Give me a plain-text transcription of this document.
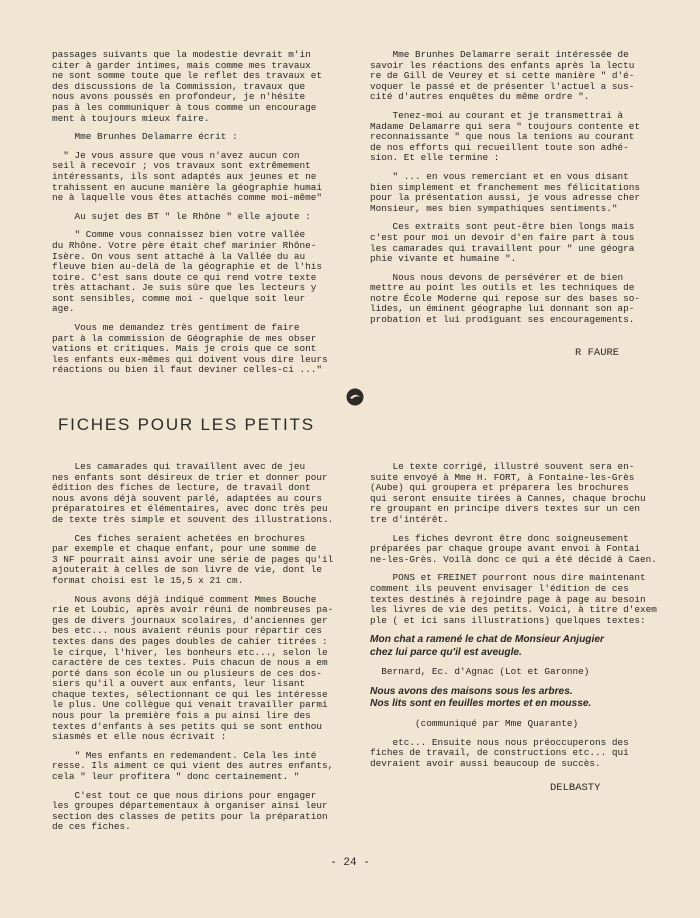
passages suivants que la modestie devrait m'in
citer à garder intimes, mais comme mes travaux
ne sont somme toute que le reflet des travaux et
des discussions de la Commission, travaux que
nous avons poussés en profondeur, je n'hésite
pas à les communiquer à tous comme un encourage
ment à toujours mieux faire.

Mme Brunhes Delamarre écrit :

" Je vous assure que vous n'avez aucun con
seil à recevoir ; vos travaux sont extrêmement
intéressants, ils sont adaptés aux jeunes et ne
trahissent en aucune manière la géographie humai
ne à laquelle vous êtes attachés comme moi-même"

Au sujet des BT " le Rhône " elle ajoute :

" Comme vous connaissez bien votre vallée
du Rhône. Votre père était chef marinier Rhône-
Isère. On vous sent attaché à la Vallée du au
fleuve bien au-delà de la géographie et de l'his
toire. C'est sans doute ce qui rend votre texte
très attachant. Je suis sûre que les lecteurs y
sont sensibles, comme moi - quelque soit leur
age.

Vous me demandez très gentiment de faire
part à la commission de Géographie de mes obser
vations et critiques. Mais je crois que ce sont
les enfants eux-mêmes qui doivent vous dire leurs
réactions ou bien il faut deviner celles-ci ..."

Mme Brunhes Delamarre serait intéressée de
savoir les réactions des enfants après la lectu
re de Gill de Veurey et si cette manière " d'é-
voquer le passé et de présenter l'actuel a sus-
cité d'autres enquêtes du même ordre ".

Tenez-moi au courant et je transmettrai à
Madame Delamarre qui sera " toujours contente et
reconnaissante " que nous la tenions au courant
de nos efforts qui recueillent toute son adhé-
sion. Et elle termine :

" ... en vous remerciant et en vous disant
bien simplement et franchement mes félicitations
pour la présentation aussi, je vous adresse cher
Monsieur, mes bien sympathiques sentiments."

Ces extraits sont peut-être bien longs mais
c'est pour moi un devoir d'en faire part à tous
les camarades qui travaillent pour " une géogra
phie vivante et humaine ".

Nous nous devons de persévérer et de bien
mettre au point les outils et les techniques de
notre École Moderne qui repose sur des bases so-
lides, un éminent géographe lui donnant son ap-
probation et lui prodiguant ses encouragements.

R FAURE

FICHES POUR LES PETITS

Les camarades qui travaillent avec de jeu
nes enfants sont désireux de trier et donner pour
édition des fiches de lecture, de travail dont
nous avons déjà souvent parlé, adaptées au cours
préparatoires et élémentaires, avec donc très peu
de texte très simple et souvent des illustrations.

Ces fiches seraient achetées en brochures
par exemple et chaque enfant, pour une somme de
3 NF pourrait ainsi avoir une série de pages qu'il
ajouterait à celles de son livre de vie, dont le
format choisi est le 15,5 x 21 cm.

Nous avons déjà indiqué comment Mmes Bouche
rie et Loubic, après avoir réuni de nombreuses pa-
ges de divers journaux scolaires, d'anciennes ger
bes etc... nous avaient réunis pour répartir ces
textes dans des pages doubles de cahier titrées :
le cirque, l'hiver, les bonheurs etc..., selon le
caractère de ces textes. Puis chacun de nous a em
porté dans son école un ou plusieurs de ces dos-
siers qu'il a ouvert aux enfants, leur lisant
chaque textes, sélectionnant ce qui les intéresse
le plus. Une collègue qui venait travailler parmi
nous pour la première fois a pu ainsi lire des
textes d'enfants à ses petits qui se sont enthou
siasmés et elle nous écrivait :

" Mes enfants en redemandent. Cela les inté
resse. Ils aiment ce qui vient des autres enfants,
cela " leur profitera " donc certainement. "

C'est tout ce que nous dirions pour engager
les groupes départementaux à organiser ainsi leur
section des classes de petits pour la préparation
de ces fiches.

Le texte corrigé, illustré souvent sera en-
suite envoyé à Mme H. FORT, à Fontaine-les-Grès
(Aube) qui groupera et préparera les brochures
qui seront ensuite tirées à Cannes, chaque brochu
re groupant en principe divers textes sur un cen
tre d'intérêt.

Les fiches devront être donc soigneusement
préparées par chaque groupe avant envoi à Fontai
ne-les-Grès. Voilà donc ce qui a été décidé à Caen.

PONS et FREINET pourront nous dire maintenant
comment ils peuvent envisager l'édition de ces
textes destinés à rejoindre page à page au besoin
les livres de vie des petits. Voici, à titre d'exem
ple ( et ici sans illustrations) quelques textes:

Mon chat a ramené le chat de Monsieur Anjugier
chez lui parce qu'il est aveugle.

Bernard, Ec. d'Agnac (Lot et Garonne)

Nous avons des maisons sous les arbres.
Nos lits sont en feuilles mortes et en mousse.

(communiqué par Mme Quarante)

etc... Ensuite nous nous préoccuperons des
fiches de travail, de constructions etc... qui
devraient avoir aussi beaucoup de succès.

DELBASTY

- 24 -
